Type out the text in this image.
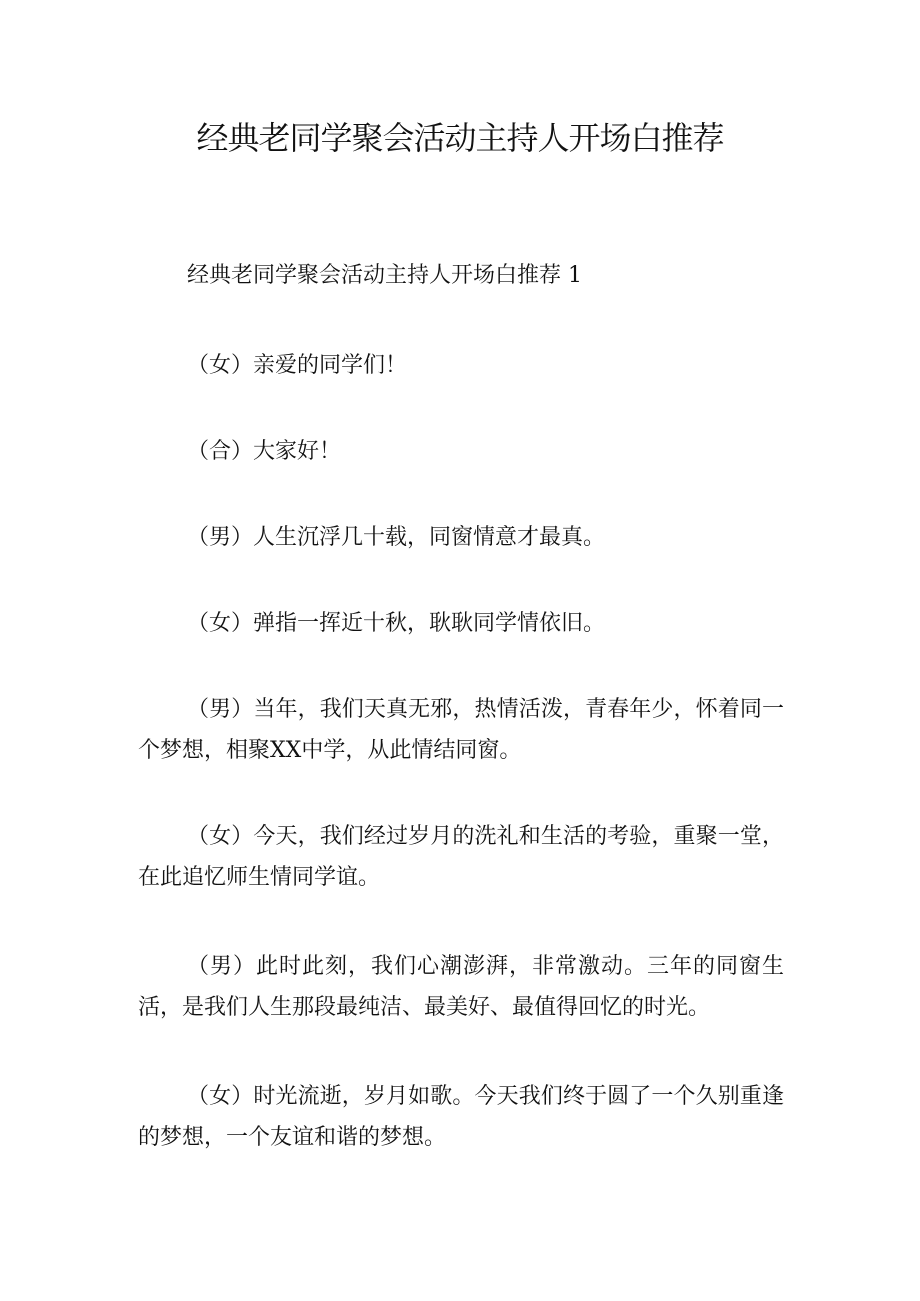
经典老同学聚会活动主持人开场白推荐

经典老同学聚会活动主持人开场白推荐 1

（女）亲爱的同学们！

（合）大家好！

（男）人生沉浮几十载，同窗情意才最真。

（女）弹指一挥近十秋，耿耿同学情依旧。

（男）当年，我们天真无邪，热情活泼，青春年少，怀着同一个梦想，相聚XX中学，从此情结同窗。

（女）今天，我们经过岁月的洗礼和生活的考验，重聚一堂，在此追忆师生情同学谊。

（男）此时此刻，我们心潮澎湃，非常激动。三年的同窗生活，是我们人生那段最纯洁、最美好、最值得回忆的时光。

（女）时光流逝，岁月如歌。今天我们终于圆了一个久别重逢的梦想，一个友谊和谐的梦想。
